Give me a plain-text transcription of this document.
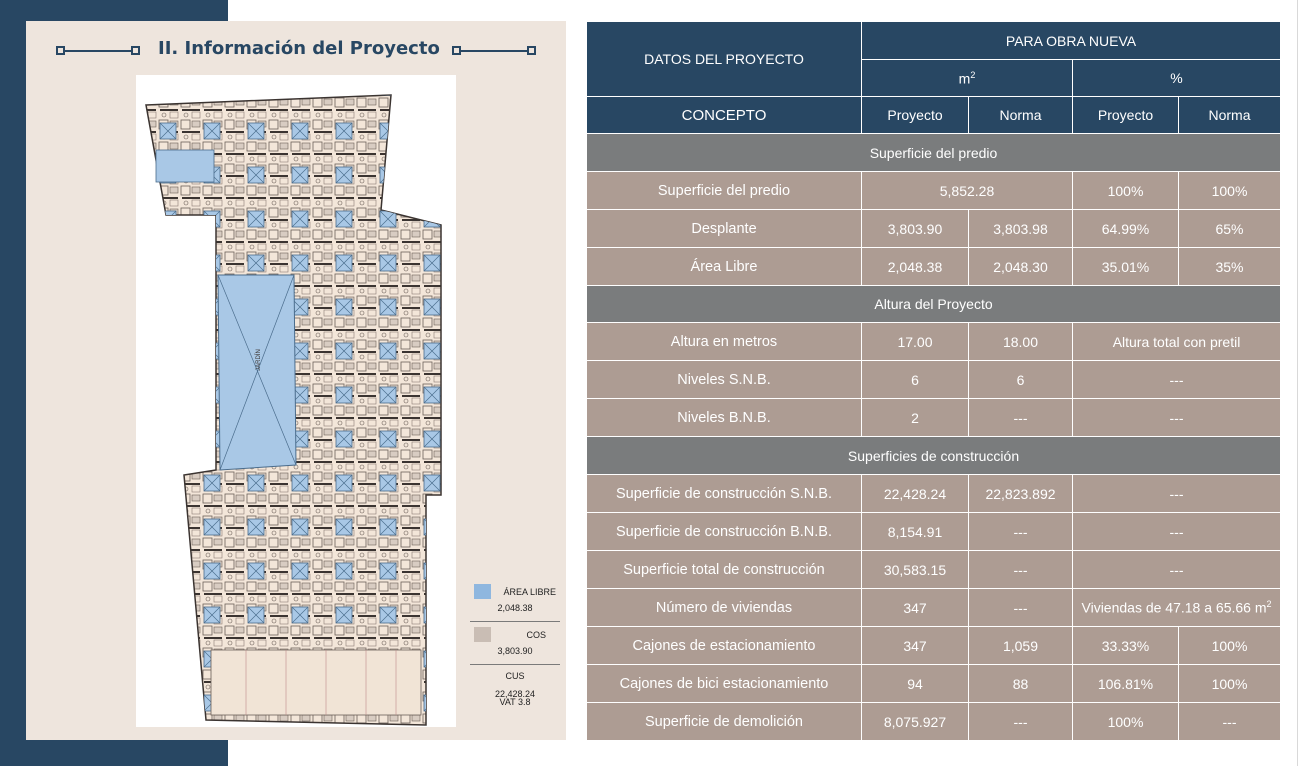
II. Información del Proyecto
JARDÍN
ÁREA LIBRE
2,048.38
COS
3,803.90
CUS
22,428.24
VAT 3.8
DATOS DEL PROYECTO	PARA OBRA NUEVA			
	$m^2$		%	
CONCEPTO	Proyecto	Norma	Proyecto	Norma
Superficie del predio				
Superficie del predio	5,852.28		100%	100%
Desplante	3,803.90	3,803.98	64.99%	65%
Área Libre	2,048.38	2,048.30	35.01%	35%
Altura del Proyecto				
Altura en metros	17.00	18.00	Altura total con pretil	
Niveles S.N.B.	6	6	---	
Niveles B.N.B.	2	---	---	
Superficies de construcción				
Superficie de construcción S.N.B.	22,428.24	22,823.892	---	
Superficie de construcción B.N.B.	8,154.91	---	---	
Superficie total de construcción	30,583.15	---	---	
Número de viviendas	347	---	Viviendas de 47.18 a 65.66 $m^2$
Cajones de estacionamiento	347	1,059	33.33%	100%
Cajones de bici estacionamiento	94	88	106.81%	100%
Superficie de demolición	8,075.927	---	100%	---
